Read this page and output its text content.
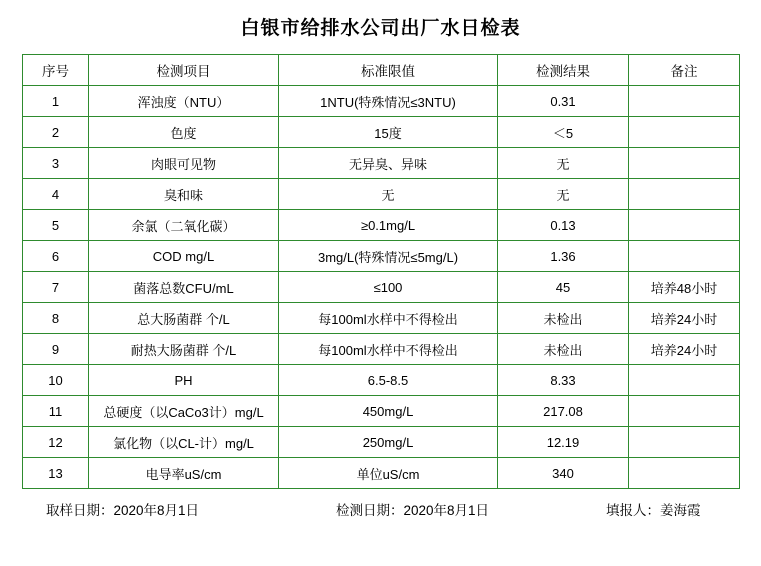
白银市给排水公司出厂水日检表
序号	检测项目	标准限值	检测结果	备注
1	浑浊度（NTU）	1NTU(特殊情况≤3NTU)	0.31	
2	色度	15度	＜5	
3	肉眼可见物	无异臭、异味	无	
4	臭和味	无	无	
5	余氯（二氧化碳）	≥0.1mg/L	0.13	
6	COD mg/L	3mg/L(特殊情况≤5mg/L)	1.36	
7	菌落总数CFU/mL	≤100	45	培养48小时
8	总大肠菌群 个/L	每100ml水样中不得检出	未检出	培养24小时
9	耐热大肠菌群 个/L	每100ml水样中不得检出	未检出	培养24小时
10	PH	6.5-8.5	8.33	
11	总硬度（以CaCo3计）mg/L	450mg/L	217.08	
12	氯化物（以CL-计）mg/L	250mg/L	12.19	
13	电导率uS/cm	单位uS/cm	340	
取样日期：2020年8月1日	检测日期：2020年8月1日	填报人：姜海霞
